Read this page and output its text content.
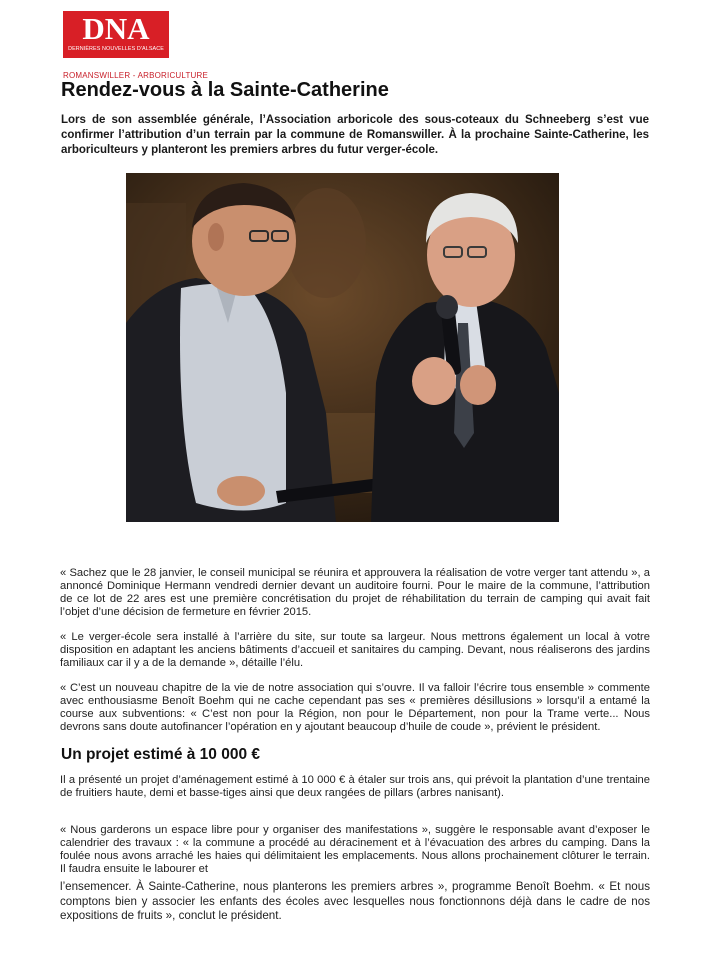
DNA
DERNIÈRES NOUVELLES D'ALSACE
ROMANSWILLER - ARBORICULTURE
Rendez-vous à la Sainte-Catherine

Lors de son assemblée générale, l’Association arboricole des sous-coteaux du Schneeberg s’est vue confirmer l’attribution d’un terrain par la commune de Romanswiller. À la prochaine Sainte-Catherine, les arboriculteurs y planteront les premiers arbres du futur verger-école.

« Sachez que le 28 janvier, le conseil municipal se réunira et approuvera la réalisation de votre verger tant attendu », a annoncé Dominique Hermann vendredi dernier devant un auditoire fourni. Pour le maire de la commune, l’attribution de ce lot de 22 ares est une première concrétisation du projet de réhabilitation du terrain de camping qui avait fait l’objet d’une décision de fermeture en février 2015.

« Le verger-école sera installé à l’arrière du site, sur toute sa largeur. Nous mettrons également un local à votre disposition en adaptant les anciens bâtiments d’accueil et sanitaires du camping. Devant, nous réaliserons des jardins familiaux car il y a de la demande », détaille l’élu.

« C’est un nouveau chapitre de la vie de notre association qui s’ouvre. Il va falloir l’écrire tous ensemble » commente avec enthousiasme Benoît Boehm qui ne cache cependant pas ses « premières désillusions » lorsqu’il a entamé la course aux subventions: « C’est non pour la Région, non pour le Département, non pour la Trame verte... Nous devrons sans doute autofinancer l’opération en y ajoutant beaucoup d’huile de coude », prévient le président.

Un projet estimé à 10 000 €

Il a présenté un projet d’aménagement estimé à 10 000 € à étaler sur trois ans, qui prévoit la plantation d’une trentaine de fruitiers haute, demi et basse-tiges ainsi que deux rangées de pillars (arbres nanisant).

« Nous garderons un espace libre pour y organiser des manifestations », suggère le responsable avant d’exposer le calendrier des travaux : « la commune a procédé au déracinement et à l’évacuation des arbres du camping. Dans la foulée nous avons arraché les haies qui délimitaient les emplacements. Nous allons prochainement clôturer le terrain. Il faudra ensuite le labourer et

l’ensemencer. À Sainte-Catherine, nous planterons les premiers arbres », programme Benoît Boehm. « Et nous comptons bien y associer les enfants des écoles avec lesquelles nous fonctionnons déjà dans le cadre de nos expositions de fruits », conclut le président.
